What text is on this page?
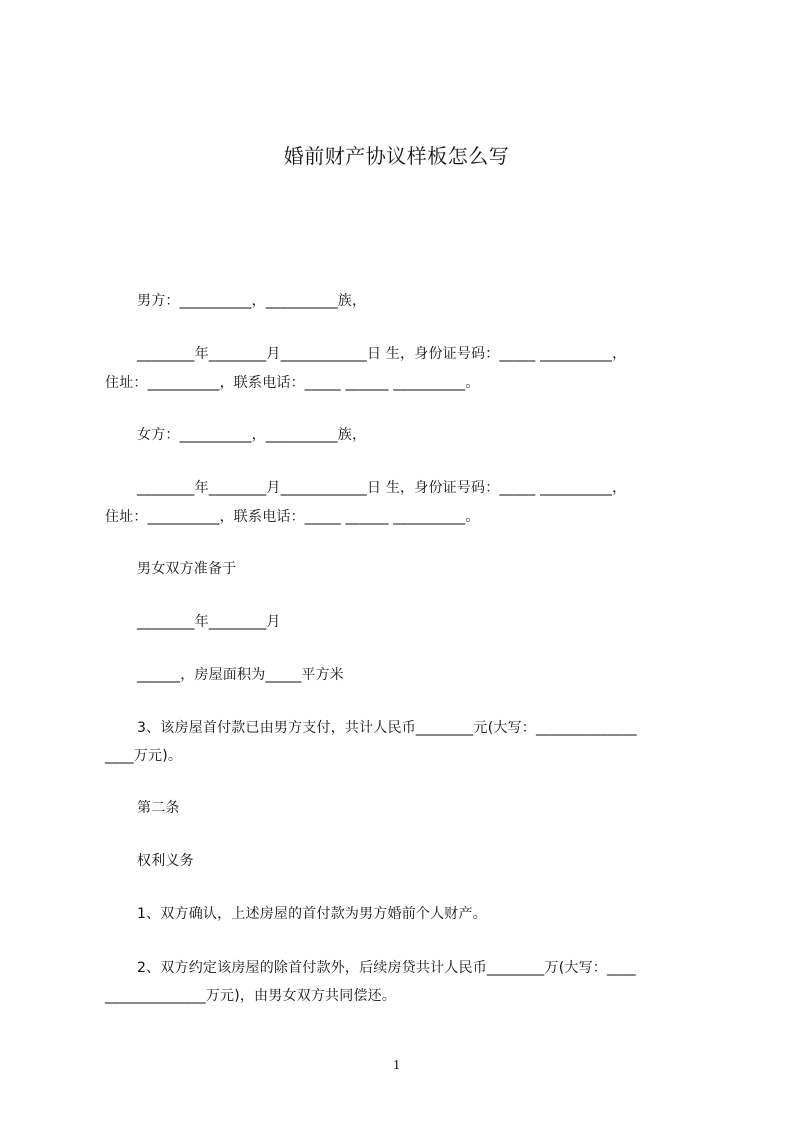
婚前财产协议样板怎么写
男方：__________，__________族，
________年________月____________日 生，身份证号码：_____ __________，
住址：__________，联系电话：_____ ______ __________。
女方：__________，__________族，
________年________月____________日 生，身份证号码：_____ __________，
住址：__________，联系电话：_____ ______ __________。
男女双方准备于
________年________月
______，房屋面积为_____平方米
3、该房屋首付款已由男方支付，共计人民币________元(大写：______________
____万元)。
第二条
权利义务
1、双方确认，上述房屋的首付款为男方婚前个人财产。
2、双方约定该房屋的除首付款外，后续房贷共计人民币________万(大写：____
______________万元)，由男女双方共同偿还。
1
